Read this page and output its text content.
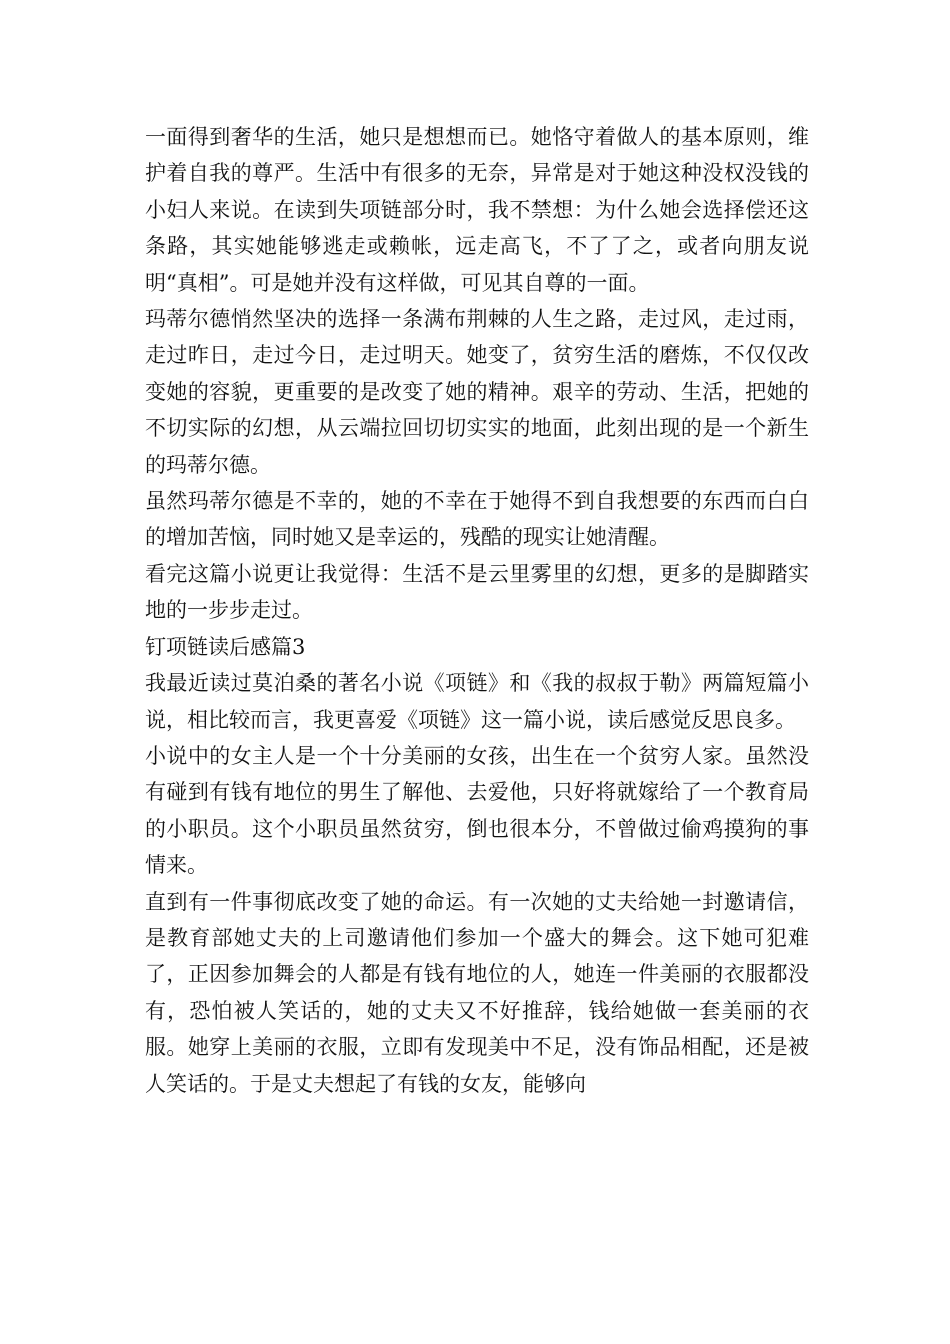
一面得到奢华的生活，她只是想想而已。她恪守着做人的基本原则，维护着自我的尊严。生活中有很多的无奈，异常是对于她这种没权没钱的小妇人来说。在读到失项链部分时，我不禁想：为什么她会选择偿还这条路，其实她能够逃走或赖帐，远走高飞，不了了之，或者向朋友说明“真相”。可是她并没有这样做，可见其自尊的一面。

玛蒂尔德悄然坚决的选择一条满布荆棘的人生之路，走过风，走过雨，走过昨日，走过今日，走过明天。她变了，贫穷生活的磨炼，不仅仅改变她的容貌，更重要的是改变了她的精神。艰辛的劳动、生活，把她的不切实际的幻想，从云端拉回切切实实的地面，此刻出现的是一个新生的玛蒂尔德。

虽然玛蒂尔德是不幸的，她的不幸在于她得不到自我想要的东西而白白的增加苦恼，同时她又是幸运的，残酷的现实让她清醒。

看完这篇小说更让我觉得：生活不是云里雾里的幻想，更多的是脚踏实地的一步步走过。

钉项链读后感篇3

我最近读过莫泊桑的著名小说《项链》和《我的叔叔于勒》两篇短篇小说，相比较而言，我更喜爱《项链》这一篇小说，读后感觉反思良多。

小说中的女主人是一个十分美丽的女孩，出生在一个贫穷人家。虽然没有碰到有钱有地位的男生了解他、去爱他，只好将就嫁给了一个教育局的小职员。这个小职员虽然贫穷，倒也很本分，不曾做过偷鸡摸狗的事情来。

直到有一件事彻底改变了她的命运。有一次她的丈夫给她一封邀请信，是教育部她丈夫的上司邀请他们参加一个盛大的舞会。这下她可犯难了，正因参加舞会的人都是有钱有地位的人，她连一件美丽的衣服都没有，恐怕被人笑话的，她的丈夫又不好推辞，钱给她做一套美丽的衣服。她穿上美丽的衣服，立即有发现美中不足，没有饰品相配，还是被人笑话的。于是丈夫想起了有钱的女友，能够向
